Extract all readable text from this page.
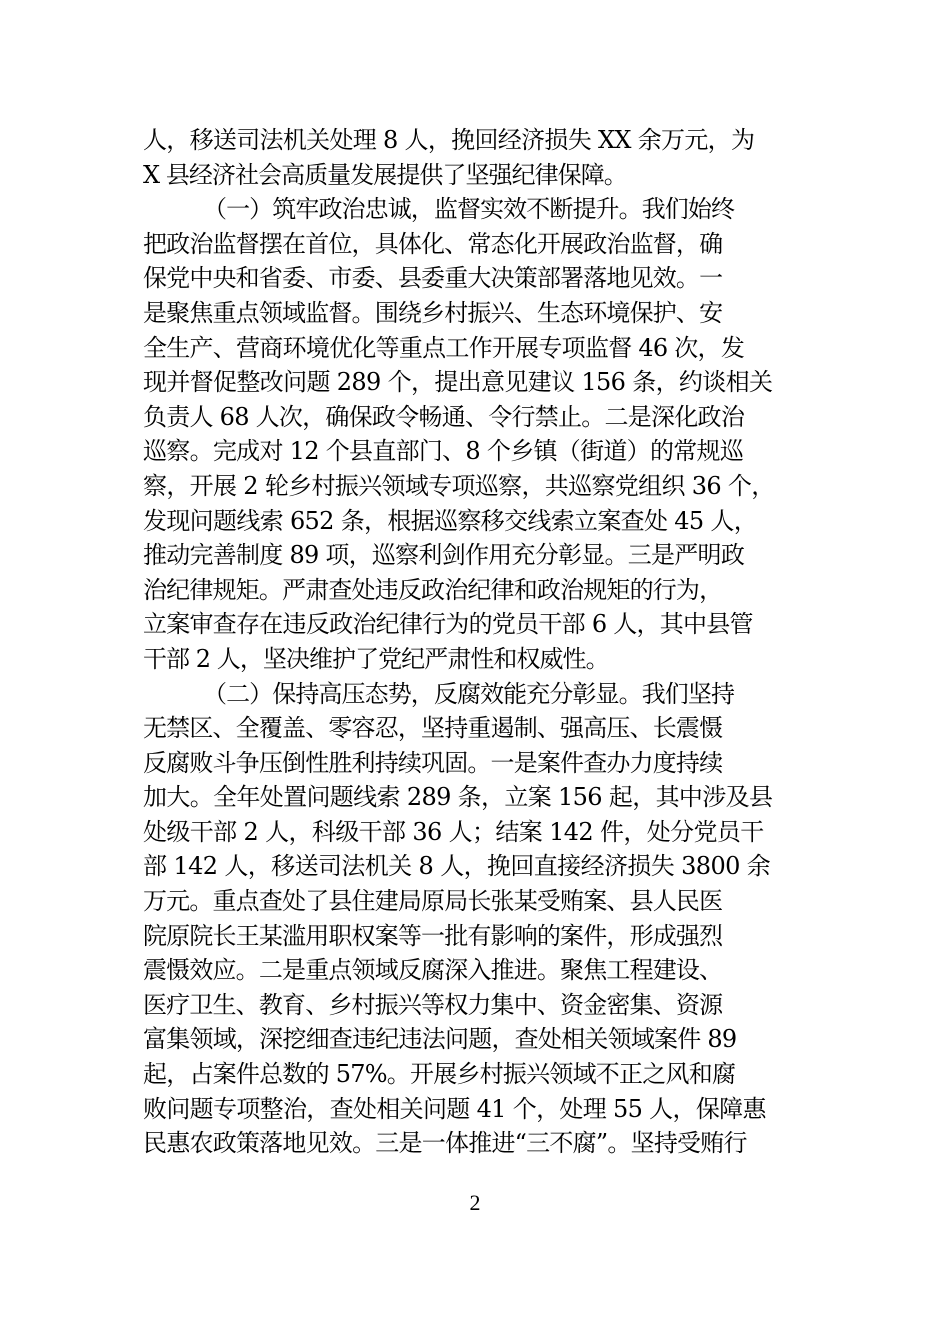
人，移送司法机关处理 8 人，挽回经济损失 XX 余万元，为
X 县经济社会高质量发展提供了坚强纪律保障。
（一）筑牢政治忠诚，监督实效不断提升。我们始终
把政治监督摆在首位，具体化、常态化开展政治监督，确
保党中央和省委、市委、县委重大决策部署落地见效。一
是聚焦重点领域监督。围绕乡村振兴、生态环境保护、安
全生产、营商环境优化等重点工作开展专项监督 46 次，发
现并督促整改问题 289 个，提出意见建议 156 条，约谈相关
负责人 68 人次，确保政令畅通、令行禁止。二是深化政治
巡察。完成对 12 个县直部门、8 个乡镇（街道）的常规巡
察，开展 2 轮乡村振兴领域专项巡察，共巡察党组织 36 个，
发现问题线索 652 条，根据巡察移交线索立案查处 45 人，
推动完善制度 89 项，巡察利剑作用充分彰显。三是严明政
治纪律规矩。严肃查处违反政治纪律和政治规矩的行为，
立案审查存在违反政治纪律行为的党员干部 6 人，其中县管
干部 2 人，坚决维护了党纪严肃性和权威性。
（二）保持高压态势，反腐效能充分彰显。我们坚持
无禁区、全覆盖、零容忍，坚持重遏制、强高压、长震慑
反腐败斗争压倒性胜利持续巩固。一是案件查办力度持续
加大。全年处置问题线索 289 条，立案 156 起，其中涉及县
处级干部 2 人，科级干部 36 人；结案 142 件，处分党员干
部 142 人，移送司法机关 8 人，挽回直接经济损失 3800 余
万元。重点查处了县住建局原局长张某受贿案、县人民医
院原院长王某滥用职权案等一批有影响的案件，形成强烈
震慑效应。二是重点领域反腐深入推进。聚焦工程建设、
医疗卫生、教育、乡村振兴等权力集中、资金密集、资源
富集领域，深挖细查违纪违法问题，查处相关领域案件 89
起，占案件总数的 57%。开展乡村振兴领域不正之风和腐
败问题专项整治，查处相关问题 41 个，处理 55 人，保障惠
民惠农政策落地见效。三是一体推进“三不腐”。坚持受贿行
2
